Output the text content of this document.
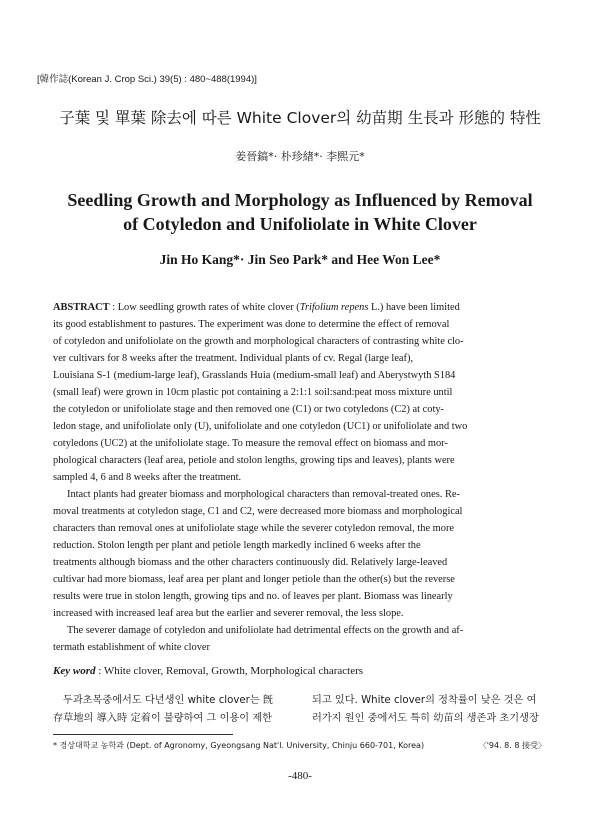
[韓作誌(Korean J. Crop Sci.) 39(5) : 480~488(1994)]
子葉 및 單葉 除去에 따른 White Clover의 幼苗期 生長과 形態的 特性
姜晉鎬*· 朴珍緖*· 李熙元*
Seedling Growth and Morphology as Influenced by Removal
of Cotyledon and Unifoliolate in White Clover
Jin Ho Kang*· Jin Seo Park* and Hee Won Lee*
ABSTRACT : Low seedling growth rates of white clover (Trifolium repens L.) have been limited
its good establishment to pastures. The experiment was done to determine the effect of removal
of cotyledon and unifoliolate on the growth and morphological characters of contrasting white clo-
ver cultivars for 8 weeks after the treatment. Individual plants of cv. Regal (large leaf),
Louisiana S-1 (medium-large leaf), Grasslands Huia (medium-small leaf) and Aberystwyth S184
(small leaf) were grown in 10cm plastic pot containing a 2:1:1 soil:sand:peat moss mixture until
the cotyledon or unifoliolate stage and then removed one (C1) or two cotyledons (C2) at coty-
ledon stage, and unifoliolate only (U), unifoliolate and one cotyledon (UC1) or unifoliolate and two
cotyledons (UC2) at the unifoliolate stage. To measure the removal effect on biomass and mor-
phological characters (leaf area, petiole and stolon lengths, growing tips and leaves), plants were
sampled 4, 6 and 8 weeks after the treatment.
Intact plants had greater biomass and morphological characters than removal-treated ones. Re-
moval treatments at cotyledon stage, C1 and C2, were decreased more biomass and morphological
characters than removal ones at unifoliolate stage while the severer cotyledon removal, the more
reduction. Stolon length per plant and petiole length markedly inclined 6 weeks after the
treatments although biomass and the other characters continuously did. Relatively large-leaved
cultivar had more biomass, leaf area per plant and longer petiole than the other(s) but the reverse
results were true in stolon length, growing tips and no. of leaves per plant. Biomass was linearly
increased with increased leaf area but the earlier and severer removal, the less slope.
The severer damage of cotyledon and unifoliolate had detrimental effects on the growth and af-
termath establishment of white clover
Key word : White clover, Removal, Growth, Morphological characters
두과초목중에서도 다년생인 white clover는 旣
存草地의 導入時 定着이 불량하여 그 이용이 제한
되고 있다. White clover의 정착률이 낮은 것은 여
러가지 원인 중에서도 특히 幼苗의 생존과 초기생장
* 경상대학교 농학과 (Dept. of Agronomy, Gyeongsang Nat'l. University, Chinju 660-701, Korea)	〈'94. 8. 8 接受〉
-480-
